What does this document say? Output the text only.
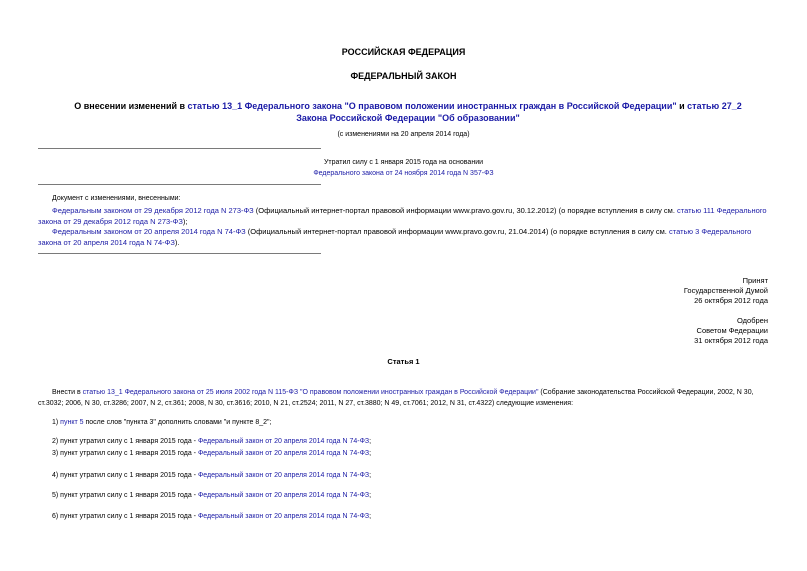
РОССИЙСКАЯ ФЕДЕРАЦИЯ
ФЕДЕРАЛЬНЫЙ ЗАКОН
О внесении изменений в статью 13_1 Федерального закона "О правовом положении иностранных граждан в Российской Федерации" и статью 27_2 Закона Российской Федерации "Об образовании"
(с изменениями на 20 апреля 2014 года)
Утратил силу с 1 января 2015 года на основании
Федерального закона от 24 ноября 2014 года N 357-ФЗ
Документ с изменениями, внесенными:
Федеральным законом от 29 декабря 2012 года N 273-ФЗ (Официальный интернет-портал правовой информации www.pravo.gov.ru, 30.12.2012) (о порядке вступления в силу см. статью 111 Федерального закона от 29 декабря 2012 года N 273-ФЗ);
Федеральным законом от 20 апреля 2014 года N 74-ФЗ (Официальный интернет-портал правовой информации www.pravo.gov.ru, 21.04.2014) (о порядке вступления в силу см. статью 3 Федерального закона от 20 апреля 2014 года N 74-ФЗ).
Принят
Государственной Думой
26 октября 2012 года
Одобрен
Советом Федерации
31 октября 2012 года
Статья 1
Внести в статью 13_1 Федерального закона от 25 июля 2002 года N 115-ФЗ "О правовом положении иностранных граждан в Российской Федерации" (Собрание законодательства Российской Федерации, 2002, N 30, ст.3032; 2006, N 30, ст.3286; 2007, N 2, ст.361; 2008, N 30, ст.3616; 2010, N 21, ст.2524; 2011, N 27, ст.3880; N 49, ст.7061; 2012, N 31, ст.4322) следующие изменения:
1) пункт 5 после слов "пункта 3" дополнить словами "и пункте 8_2";
2) пункт утратил силу с 1 января 2015 года - Федеральный закон от 20 апреля 2014 года N 74-ФЗ;
3) пункт утратил силу с 1 января 2015 года - Федеральный закон от 20 апреля 2014 года N 74-ФЗ;
4) пункт утратил силу с 1 января 2015 года - Федеральный закон от 20 апреля 2014 года N 74-ФЗ;
5) пункт утратил силу с 1 января 2015 года - Федеральный закон от 20 апреля 2014 года N 74-ФЗ;
6) пункт утратил силу с 1 января 2015 года - Федеральный закон от 20 апреля 2014 года N 74-ФЗ;
